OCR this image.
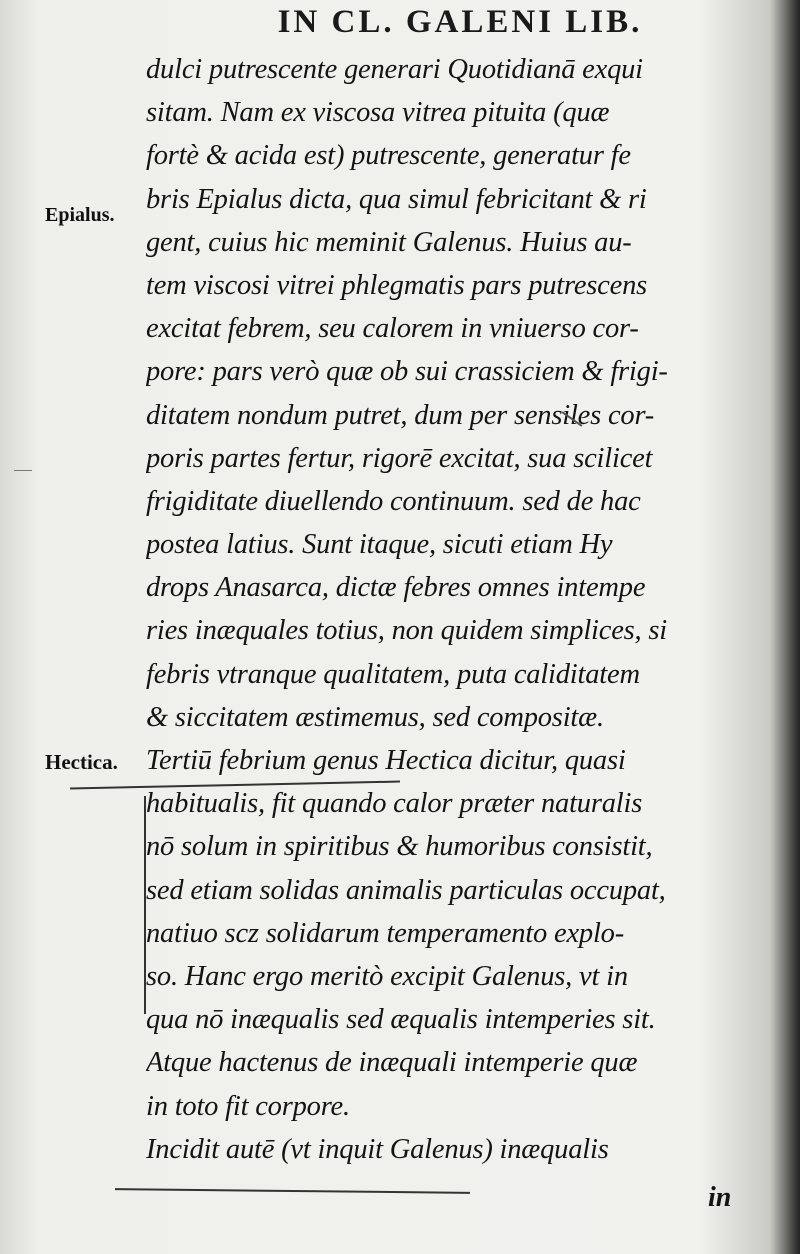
IN CL. GALENI LIB.
Epialus.
Hectica.
dulci putrescente generari Quotidianā exqui
sitam. Nam ex viscosa vitrea pituita (quæ
fortè & acida est) putrescente, generatur fe
bris Epialus dicta, qua simul febricitant & ri
gent, cuius hic meminit Galenus. Huius au-
tem viscosi vitrei phlegmatis pars putrescens
excitat febrem, seu calorem in vniuerso cor-
pore: pars verò quæ ob sui crassiciem & frigi-
ditatem nondum putret, dum per sensiles cor-
poris partes fertur, rigorē excitat, sua scilicet
frigiditate diuellendo continuum. sed de hac
postea latius. Sunt itaque, sicuti etiam Hy
drops Anasarca, dictæ febres omnes intempe
ries inæquales totius, non quidem simplices, si
febris vtranque qualitatem, puta caliditatem
& siccitatem æstimemus, sed compositæ.
Tertiū febrium genus Hectica dicitur, quasi
habitualis, fit quando calor præter naturalis
nō solum in spiritibus & humoribus consistit,
sed etiam solidas animalis particulas occupat,
natiuo scz solidarum temperamento explo-
so. Hanc ergo meritò excipit Galenus, vt in
qua nō inæqualis sed æqualis intemperies sit.
Atque hactenus de inæquali intemperie quæ
in toto fit corpore.
Incidit autē (vt inquit Galenus) inæqualis
in
